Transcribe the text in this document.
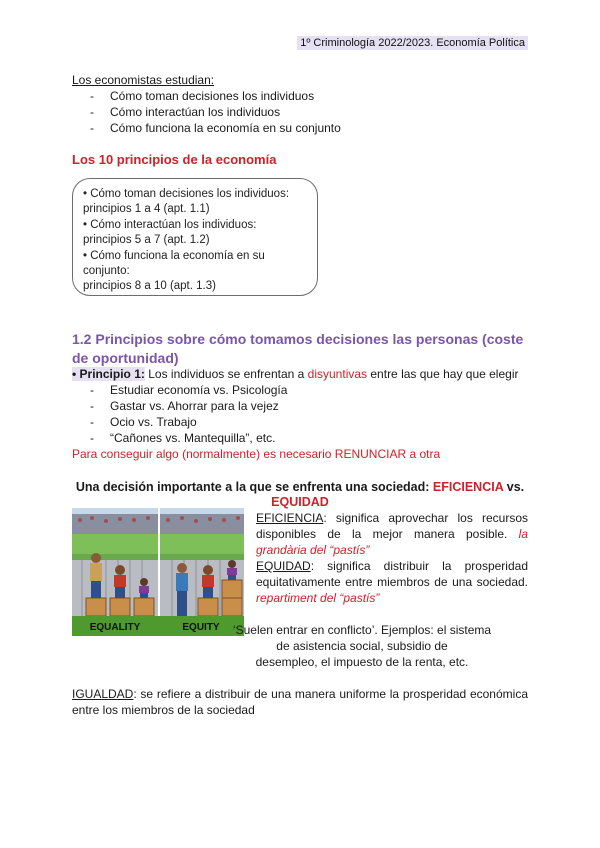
1º Criminología 2022/2023. Economía Política
Los economistas estudian:
- Cómo toman decisiones los individuos
- Cómo interactúan los individuos
- Cómo funciona la economía en su conjunto
Los 10 principios de la economía
• Cómo toman decisiones los individuos:
principios 1 a 4 (apt. 1.1)
• Cómo interactúan los individuos:
principios 5 a 7 (apt. 1.2)
• Cómo funciona la economía en su
conjunto:
principios 8 a 10 (apt. 1.3)
1.2 Principios sobre cómo tomamos decisiones las personas (coste de oportunidad)
• Principio 1: Los individuos se enfrentan a disyuntivas entre las que hay que elegir
- Estudiar economía vs. Psicología
- Gastar vs. Ahorrar para la vejez
- Ocio vs. Trabajo
- “Cañones vs. Mantequilla”, etc.
Para conseguir algo (normalmente) es necesario RENUNCIAR a otra
Una decisión importante a la que se enfrenta una sociedad: EFICIENCIA vs.
EQUIDAD
EQUALITY	EQUITY
EFICIENCIA: significa aprovechar los recursos disponibles de la mejor manera posible. la grandària del “pastís”
EQUIDAD: significa distribuir la prosperidad equitativamente entre miembros de una sociedad. repartiment del “pastís”
‘Suelen entrar en conflicto’. Ejemplos: el sistema
de asistencia social, subsidio de
desempleo, el impuesto de la renta, etc.
IGUALDAD: se refiere a distribuir de una manera uniforme la prosperidad económica entre los miembros de la sociedad
